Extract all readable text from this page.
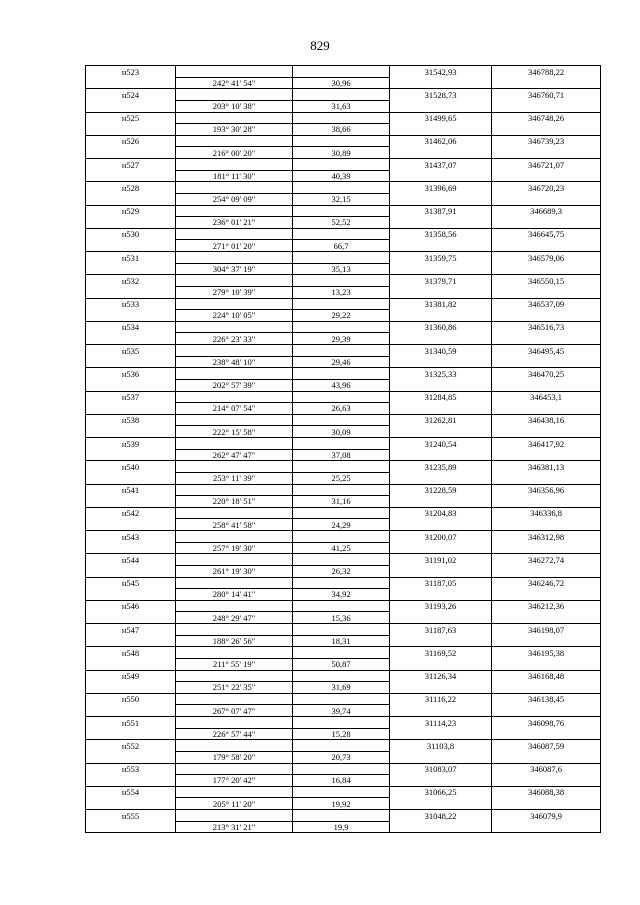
829
н523			31542,93	346788,22
	242° 41' 54"	30,96		
н524			31528,73	346760,71
	203° 10' 38"	31,63		
н525			31499,65	346748,26
	193° 30' 28"	38,66		
н526			31462,06	346739,23
	216° 00' 20"	30,89		
н527			31437,07	346721,07
	181° 11' 30"	40,39		
н528			31396,69	346720,23
	254° 09' 09"	32,15		
н529			31387,91	346689,3
	236° 01' 21"	52,52		
н530			31358,56	346645,75
	271° 01' 20"	66,7		
н531			31359,75	346579,06
	304° 37' 19"	35,13		
н532			31379,71	346550,15
	279° 10' 39"	13,23		
н533			31381,82	346537,09
	224° 10' 05"	29,22		
н534			31360,86	346516,73
	226° 23' 33"	29,39		
н535			31340,59	346495,45
	238° 48' 10"	29,46		
н536			31325,33	346470,25
	202° 57' 39"	43,96		
н537			31284,85	346453,1
	214° 07' 54"	26,63		
н538			31262,81	346438,16
	222° 15' 58"	30,09		
н539			31240,54	346417,92
	262° 47' 47"	37,08		
н540			31235,89	346381,13
	253° 11' 39"	25,25		
н541			31228,59	346356,96
	220° 18' 51"	31,16		
н542			31204,83	346336,8
	258° 41' 58"	24,29		
н543			31200,07	346312,98
	257° 19' 30"	41,25		
н544			31191,02	346272,74
	261° 19' 30"	26,32		
н545			31187,05	346246,72
	280° 14' 41"	34,92		
н546			31193,26	346212,36
	248° 29' 47"	15,36		
н547			31187,63	346198,07
	188° 26' 56"	18,31		
н548			31169,52	346195,38
	211° 55' 19"	50,87		
н549			31126,34	346168,48
	251° 22' 35"	31,69		
н550			31116,22	346138,45
	267° 07' 47"	39,74		
н551			31114,23	346098,76
	226° 57' 44"	15,28		
н552			31103,8	346087,59
	179° 58' 20"	20,73		
н553			31083,07	346087,6
	177° 20' 42"	16,84		
н554			31066,25	346088,38
	205° 11' 20"	19,92		
н555			31048,22	346079,9
	213° 31' 21"	19,9		
